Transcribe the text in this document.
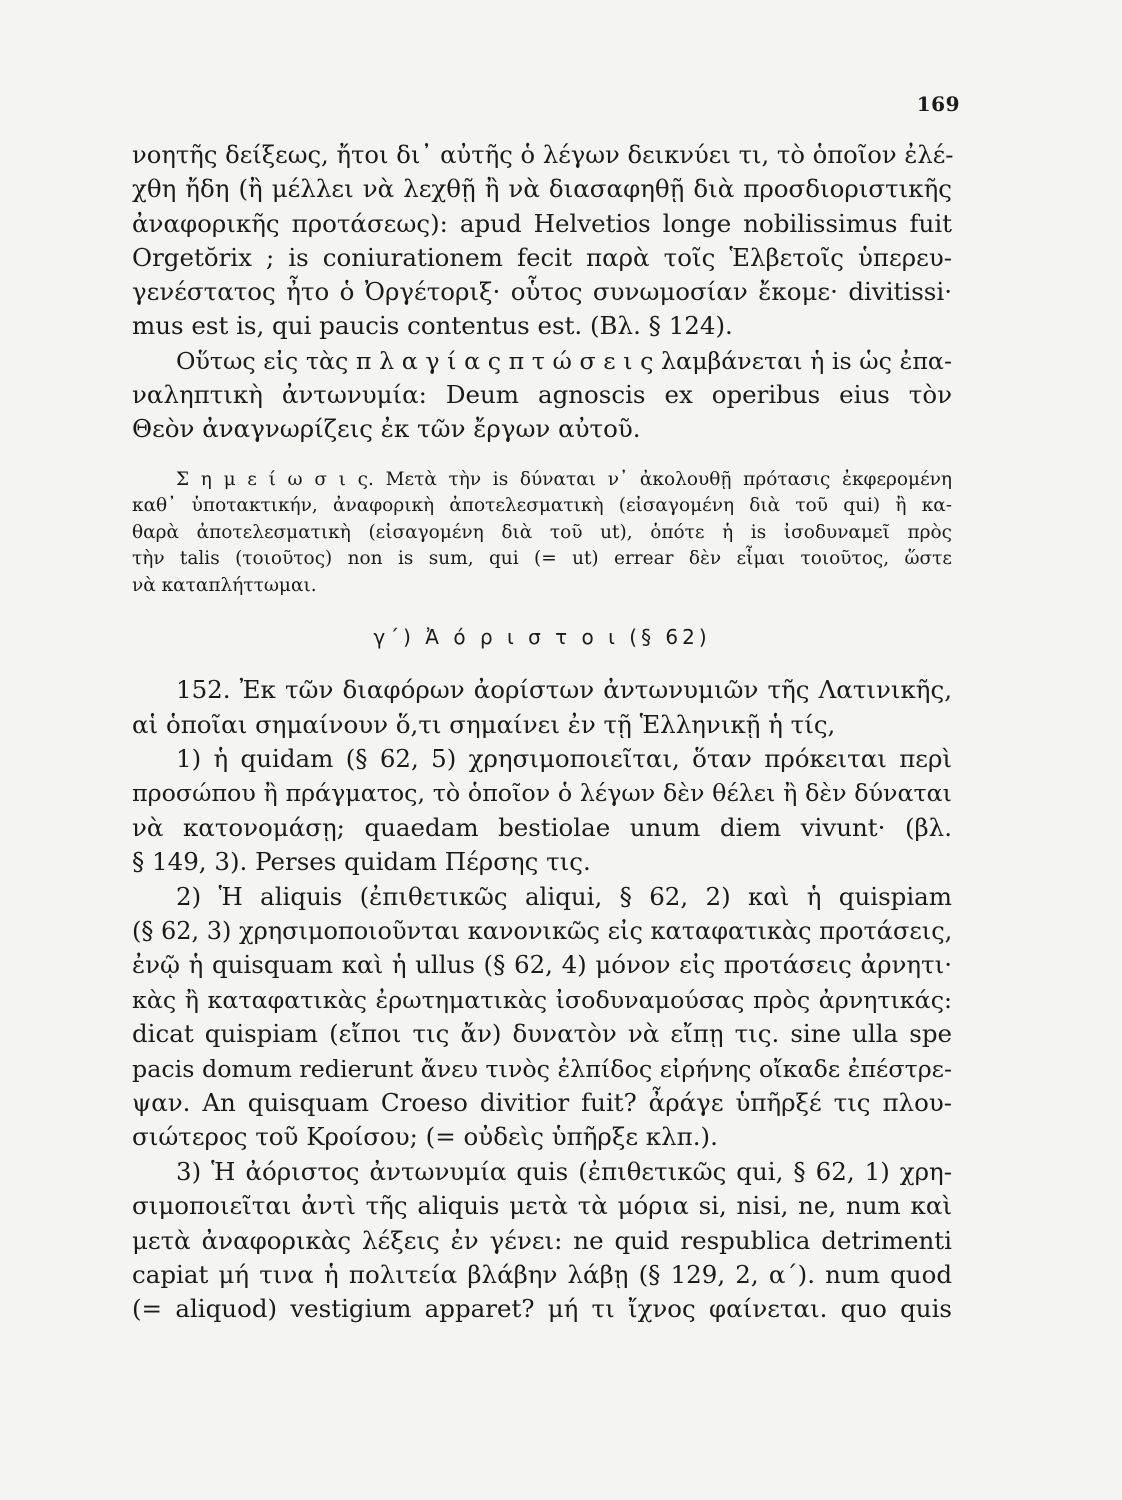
169
νοητῆς δείξεως, ἤτοι δι᾽ αὐτῆς ὁ λέγων δεικνύει τι, τὸ ὁποῖον ἐλέ-
χθη ἤδη (ἢ μέλλει νὰ λεχθῇ ἢ νὰ διασαφηθῇ διὰ προσδιοριστικῆς
ἀναφορικῆς προτάσεως): apud Helvetios longe nobilissimus fuit
Orgetŏrix ; is coniurationem fecit παρὰ τοῖς Ἑλβετοῖς ὑπερευ-
γενέστατος ἦτο ὁ Ὀργέτοριξ· οὗτος συνωμοσίαν ἔκομε· divitissi·
mus est is, qui paucis contentus est. (Βλ. § 124).
Οὕτως εἰς τὰς π λ α γ ί α ς π τ ώ σ ε ι ς λαμβάνεται ἡ is ὡς ἐπα-
ναληπτικὴ ἀντωνυμία: Deum agnoscis ex operibus eius τὸν
Θεὸν ἀναγνωρίζεις ἐκ τῶν ἔργων αὐτοῦ.
Σ η μ ε ί ω σ ι ς. Μετὰ τὴν is δύναται ν᾽ ἀκολουθῇ πρότασις ἐκφερομένη
καθ᾽ ὑποτακτικήν, ἀναφορικὴ ἀποτελεσματικὴ (εἰσαγομένη διὰ τοῦ qui) ἢ κα-
θαρὰ ἀποτελεσματικὴ (εἰσαγομένη διὰ τοῦ ut), ὁπότε ἡ is ἰσοδυναμεῖ πρὸς
τὴν talis (τοιοῦτος) non is sum, qui (= ut) errear δὲν εἶμαι τοιοῦτος, ὥστε
νὰ καταπλήττωμαι.
γ´) Ἀ ό ρ ι σ τ ο ι (§ 62)
152. Ἐκ τῶν διαφόρων ἀορίστων ἀντωνυμιῶν τῆς Λατινικῆς,
αἱ ὁποῖαι σημαίνουν ὅ,τι σημαίνει ἐν τῇ Ἑλληνικῇ ἡ τίς,
1) ἡ quidam (§ 62, 5) χρησιμοποιεῖται, ὅταν πρόκειται περὶ
προσώπου ἢ πράγματος, τὸ ὁποῖον ὁ λέγων δὲν θέλει ἢ δὲν δύναται
νὰ κατονομάσῃ; quaedam bestiolae unum diem vivunt· (βλ.
§ 149, 3). Perses quidam Πέρσης τις.
2) Ἡ aliquis (ἐπιθετικῶς aliqui, § 62, 2) καὶ ἡ quispiam
(§ 62, 3) χρησιμοποιοῦνται κανονικῶς εἰς καταφατικὰς προτάσεις,
ἐνῷ ἡ quisquam καὶ ἡ ullus (§ 62, 4) μόνον εἰς προτάσεις ἀρνητι·
κὰς ἢ καταφατικὰς ἐρωτηματικὰς ἰσοδυναμούσας πρὸς ἀρνητικάς:
dicat quispiam (εἴποι τις ἄν) δυνατὸν νὰ εἴπῃ τις. sine ulla spe
pacis domum redierunt ἄνευ τινὸς ἐλπίδος εἰρήνης οἴκαδε ἐπέστρε-
ψαν. An quisquam Croeso divitior fuit? ἆράγε ὑπῆρξέ τις πλου-
σιώτερος τοῦ Κροίσου; (= οὐδεὶς ὑπῆρξε κλπ.).
3) Ἡ ἀόριστος ἀντωνυμία quis (ἐπιθετικῶς qui, § 62, 1) χρη-
σιμοποιεῖται ἀντὶ τῆς aliquis μετὰ τὰ μόρια si, nisi, ne, num καὶ
μετὰ ἀναφορικὰς λέξεις ἐν γένει: ne quid respublica detrimenti
capiat μή τινα ἡ πολιτεία βλάβην λάβῃ (§ 129, 2, α´). num quod
(= aliquod) vestigium apparet? μή τι ἴχνος φαίνεται. quo quis
